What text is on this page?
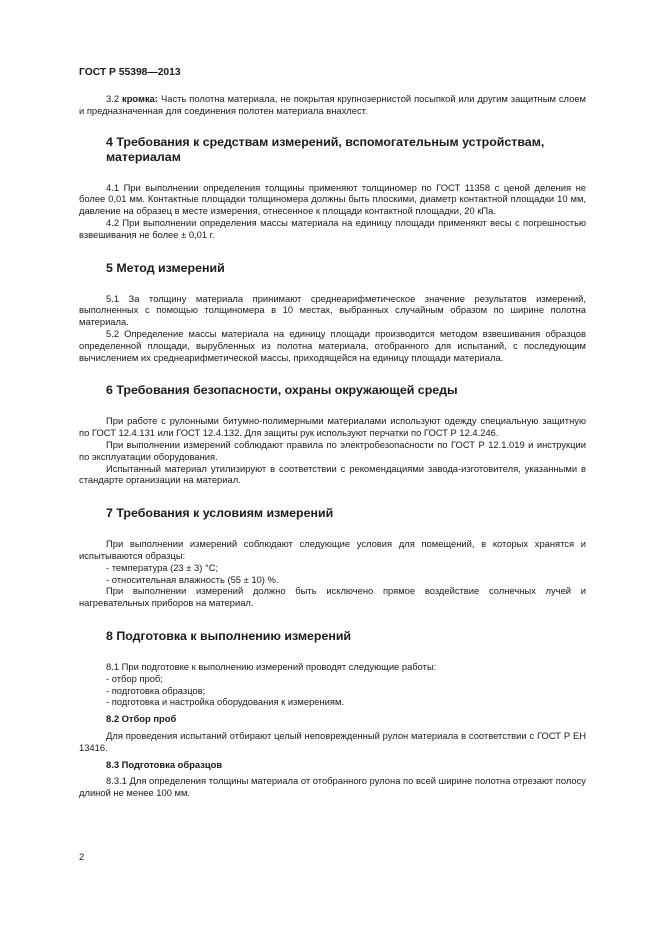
ГОСТ Р 55398—2013

3.2 кромка: Часть полотна материала, не покрытая крупнозернистой посыпкой или другим защитным слоем и предназначенная для соединения полотен материала внахлест.

4 Требования к средствам измерений, вспомогательным устройствам, материалам

4.1 При выполнении определения толщины применяют толщиномер по ГОСТ 11358 с ценой деления не более 0,01 мм. Контактные площадки толщиномера должны быть плоскими, диаметр контактной площадки 10 мм, давление на образец в месте измерения, отнесенное к площади контактной площадки, 20 кПа.

4.2 При выполнении определения массы материала на единицу площади применяют весы с погрешностью взвешивания не более ± 0,01 г.

5 Метод измерений

5.1 За толщину материала принимают среднеарифметическое значение результатов измерений, выполненных с помощью толщиномера в 10 местах, выбранных случайным образом по ширине полотна материала.

5.2 Определение массы материала на единицу площади производится методом взвешивания образцов определенной площади, вырубленных из полотна материала, отобранного для испытаний, с последующим вычислением их среднеарифметической массы, приходящейся на единицу площади материала.

6 Требования безопасности, охраны окружающей среды

При работе с рулонными битумно-полимерными материалами используют одежду специальную защитную по ГОСТ 12.4.131 или ГОСТ 12.4.132. Для защиты рук используют перчатки по ГОСТ Р 12.4.246.

При выполнении измерений соблюдают правила по электробезопасности по ГОСТ Р 12.1.019 и инструкции по эксплуатации оборудования.

Испытанный материал утилизируют в соответствии с рекомендациями завода-изготовителя, указанными в стандарте организации на материал.

7 Требования к условиям измерений

При выполнении измерений соблюдают следующие условия для помещений, в которых хранятся и испытываются образцы:

- температура (23 ± 3) °С;

- относительная влажность (55 ± 10) %.

При выполнении измерений должно быть исключено прямое воздействие солнечных лучей и нагревательных приборов на материал.

8 Подготовка к выполнению измерений

8.1 При подготовке к выполнению измерений проводят следующие работы:

- отбор проб;

- подготовка образцов;

- подготовка и настройка оборудования к измерениям.

8.2 Отбор проб

Для проведения испытаний отбирают целый неповрежденный рулон материала в соответствии с ГОСТ Р ЕН 13416.

8.3 Подготовка образцов

8.3.1 Для определения толщины материала от отобранного рулона по всей ширине полотна отрезают полосу длиной не менее 100 мм.

2
